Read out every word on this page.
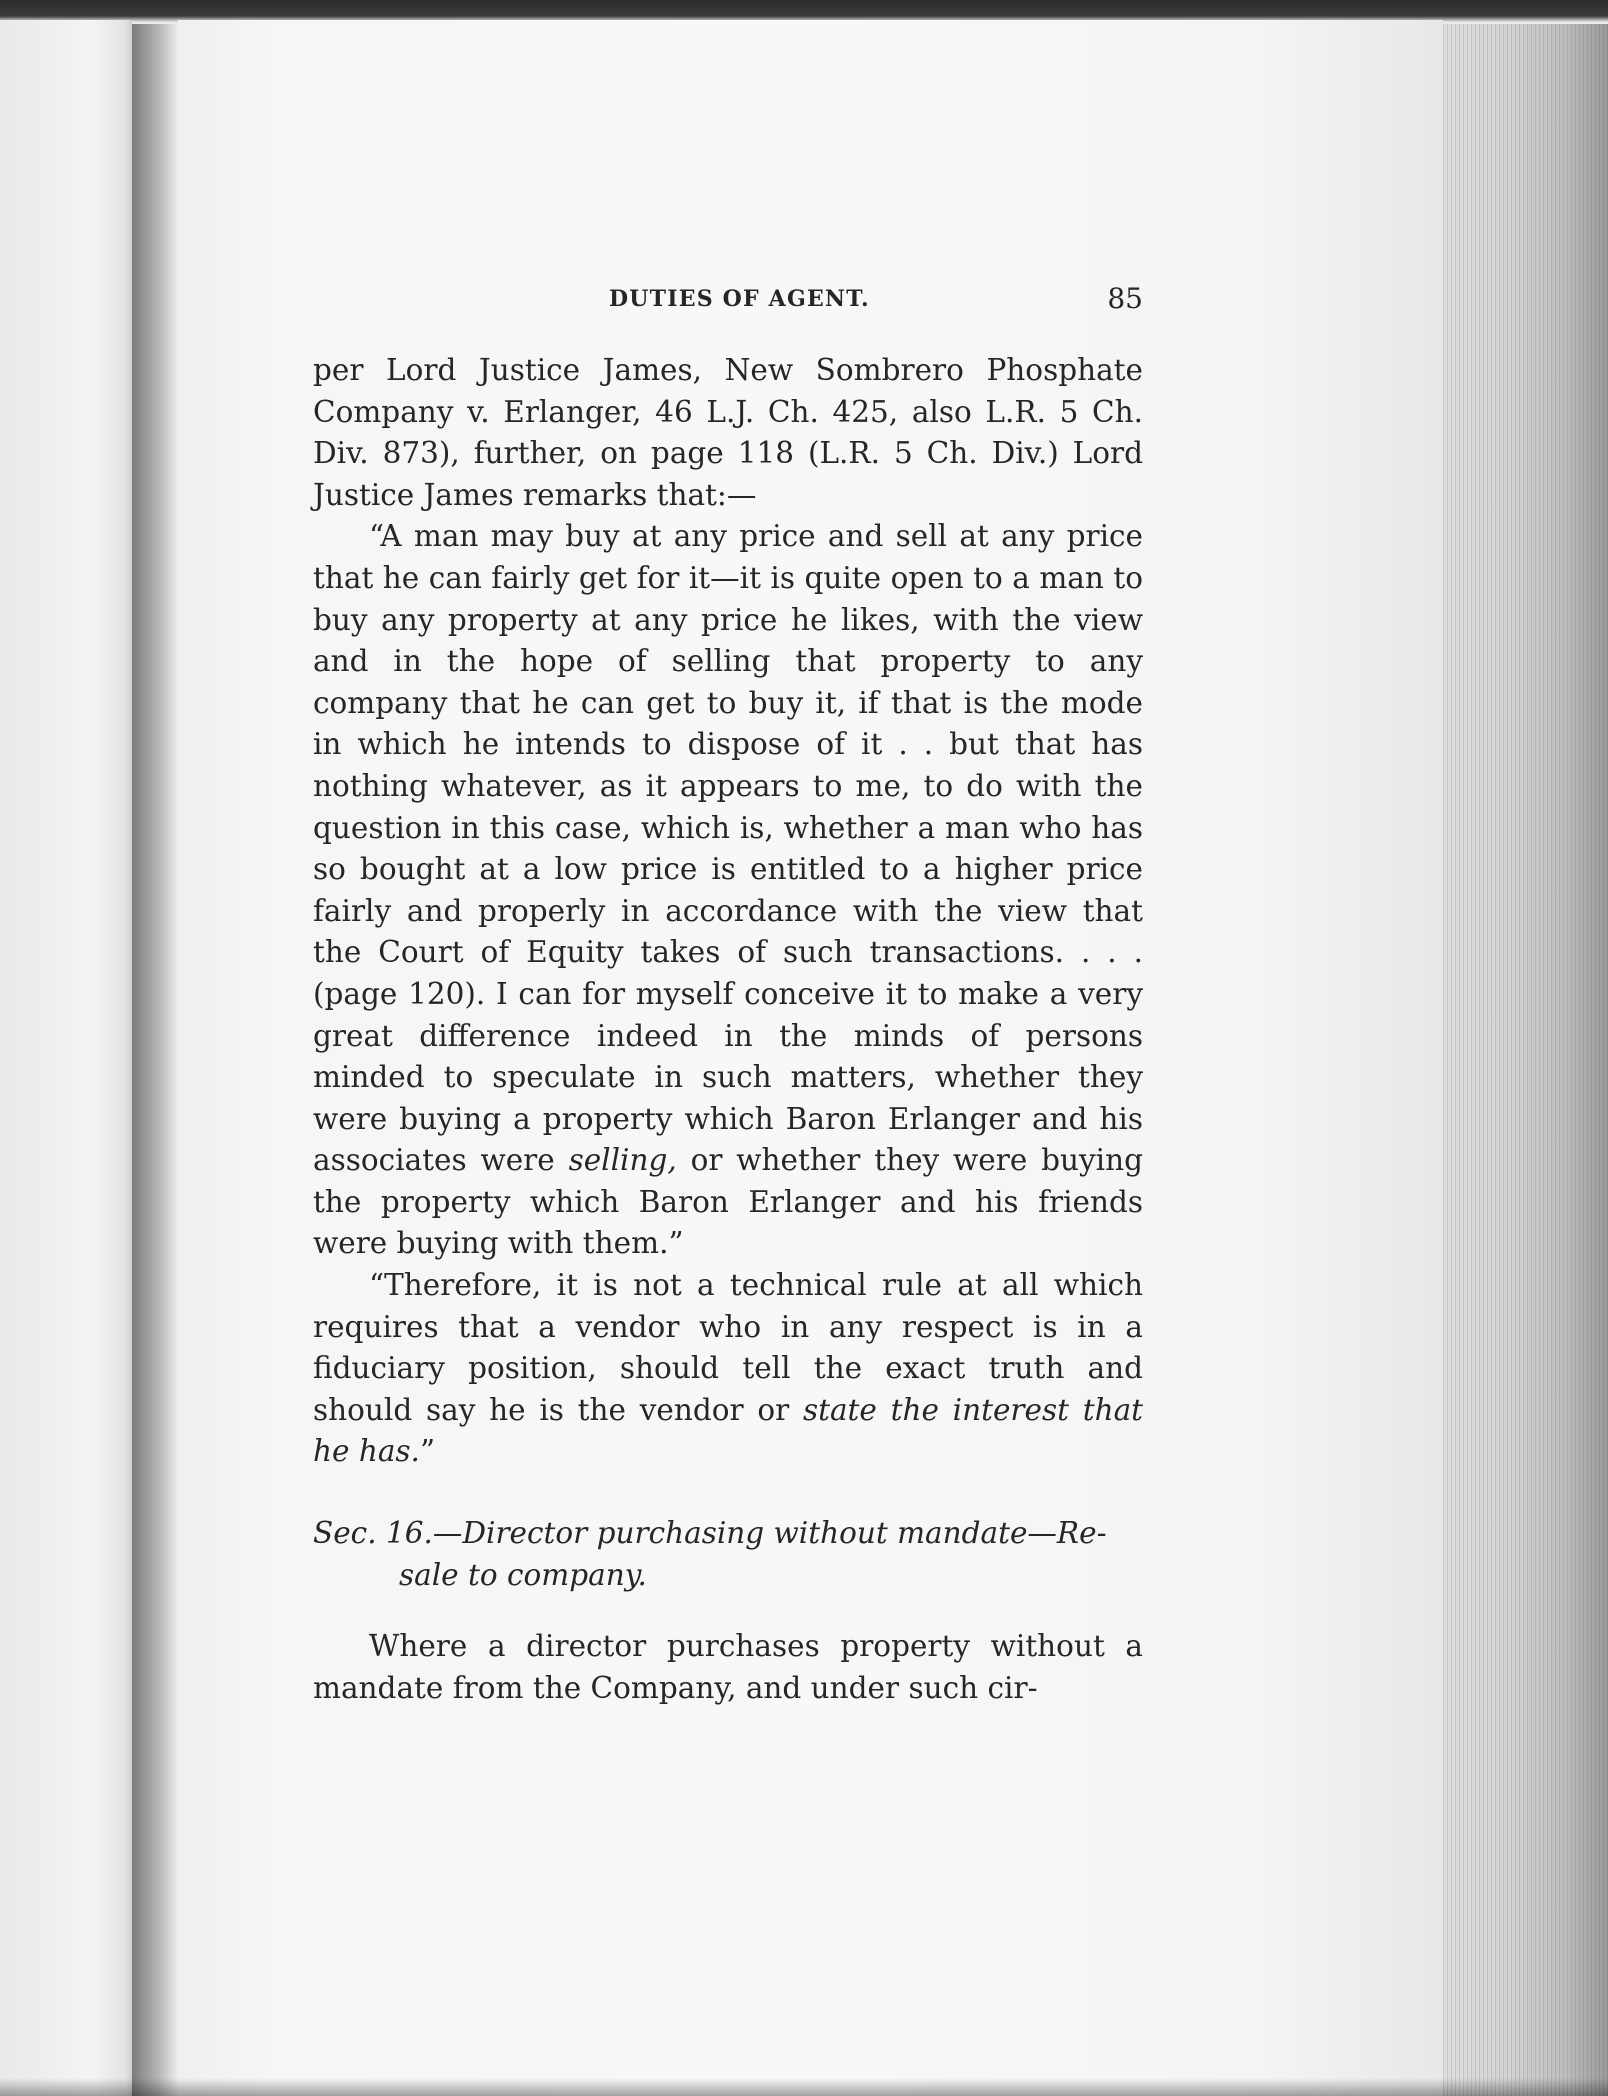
DUTIES OF AGENT.	85

per Lord Justice James, New Sombrero Phosphate Company v. Erlanger, 46 L.J. Ch. 425, also L.R. 5 Ch. Div. 873), further, on page 118 (L.R. 5 Ch. Div.) Lord Justice James remarks that:—

“A man may buy at any price and sell at any price that he can fairly get for it—it is quite open to a man to buy any property at any price he likes, with the view and in the hope of selling that property to any company that he can get to buy it, if that is the mode in which he intends to dispose of it . . but that has nothing whatever, as it appears to me, to do with the question in this case, which is, whether a man who has so bought at a low price is entitled to a higher price fairly and properly in accordance with the view that the Court of Equity takes of such transactions. . . . (page 120). I can for myself conceive it to make a very great difference indeed in the minds of persons minded to speculate in such matters, whether they were buying a property which Baron Erlanger and his associates were selling, or whether they were buying the property which Baron Erlanger and his friends were buying with them.”

“Therefore, it is not a technical rule at all which requires that a vendor who in any respect is in a fiduciary position, should tell the exact truth and should say he is the vendor or state the interest that he has.”

Sec. 16.—Director purchasing without mandate—Re-
sale to company.

Where a director purchases property without a mandate from the Company, and under such cir-
